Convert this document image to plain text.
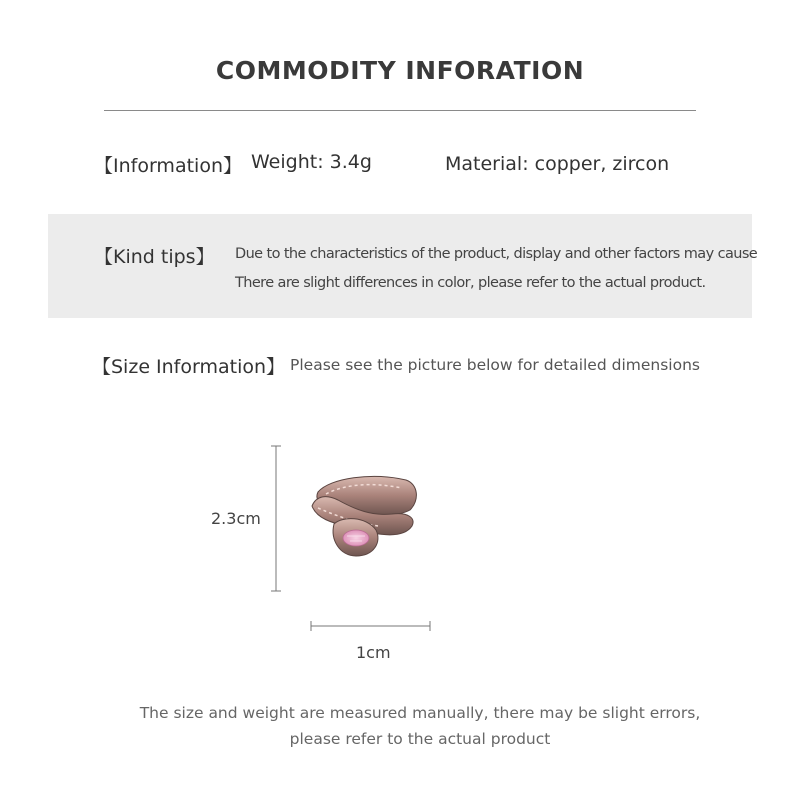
COMMODITY INFORATION
【Information】 Weight: 3.4g	Material: copper, zircon
【Kind tips】 Due to the characteristics of the product, display and other factors may cause
There are slight differences in color, please refer to the actual product.
【Size Information】 Please see the picture below for detailed dimensions
2.3cm
1cm
The size and weight are measured manually, there may be slight errors,
please refer to the actual product
